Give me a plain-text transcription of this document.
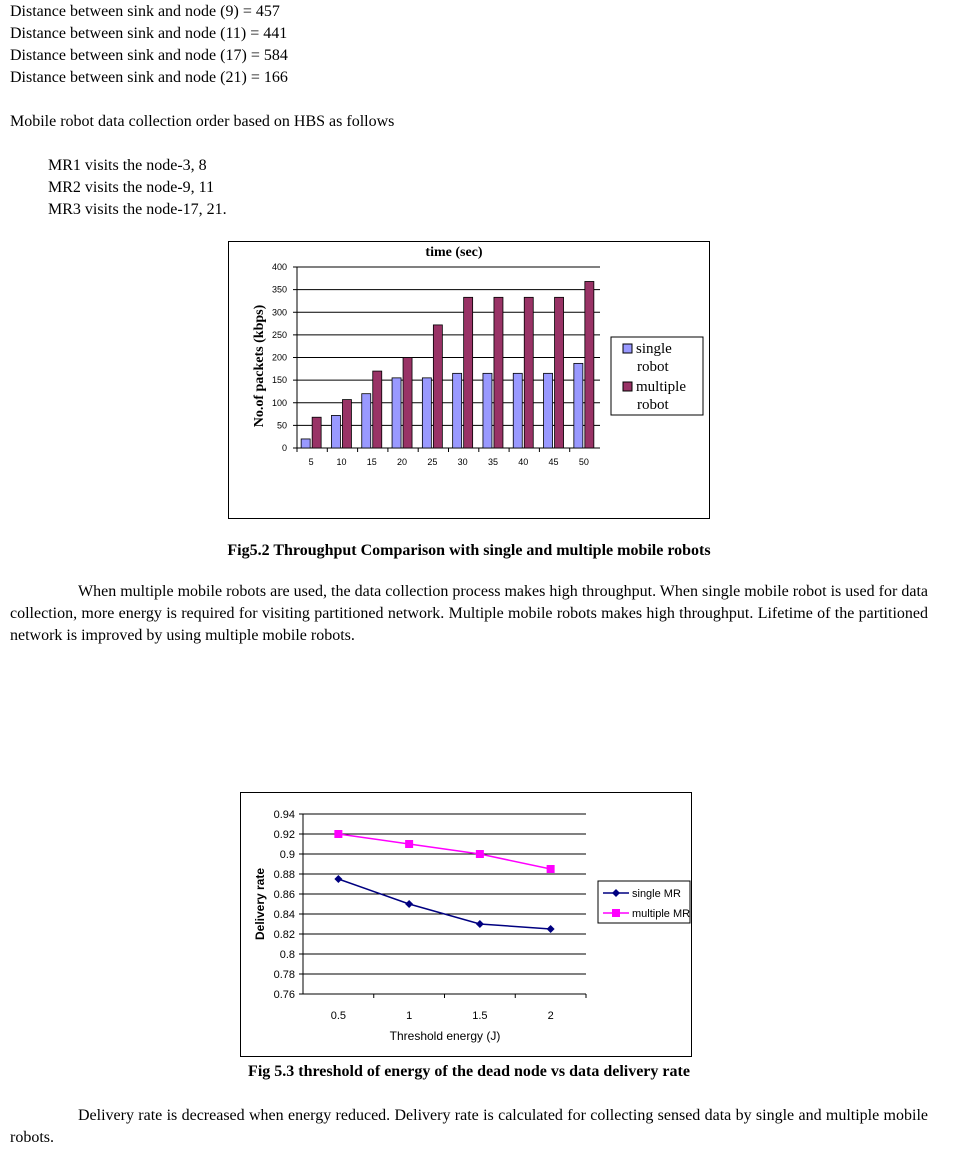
Distance between sink and node (9) = 457
Distance between sink and node (11) = 441
Distance between sink and node (17) = 584
Distance between sink and node (21) = 166
Mobile robot data collection order based on HBS as follows
MR1 visits the node-3, 8
MR2 visits the node-9, 11
MR3 visits the node-17, 21.
0
50
100
150
200
250
300
350
400
5	10 15 20 25 30 35 40 45 50
No.of packets (kbps)
time (sec)
single
robot
multiple
robot
Fig5.2 Throughput Comparison with single and multiple mobile robots
When multiple mobile robots are used, the data collection process makes high throughput. When single mobile robot is used for data collection, more energy is required for visiting partitioned network. Multiple mobile robots makes high throughput. Lifetime of the partitioned network is improved by using multiple mobile robots.
0.76
0.78
0.8
0.82
0.84
0.86
0.88
0.9
0.92
0.94
0.5	1	1.5	2
Delivery rate
Threshold energy (J)
single MR
multiple MR
Fig 5.3 threshold of energy of the dead node vs data delivery rate
Delivery rate is decreased when energy reduced. Delivery rate is calculated for collecting sensed data by single and multiple mobile robots.
